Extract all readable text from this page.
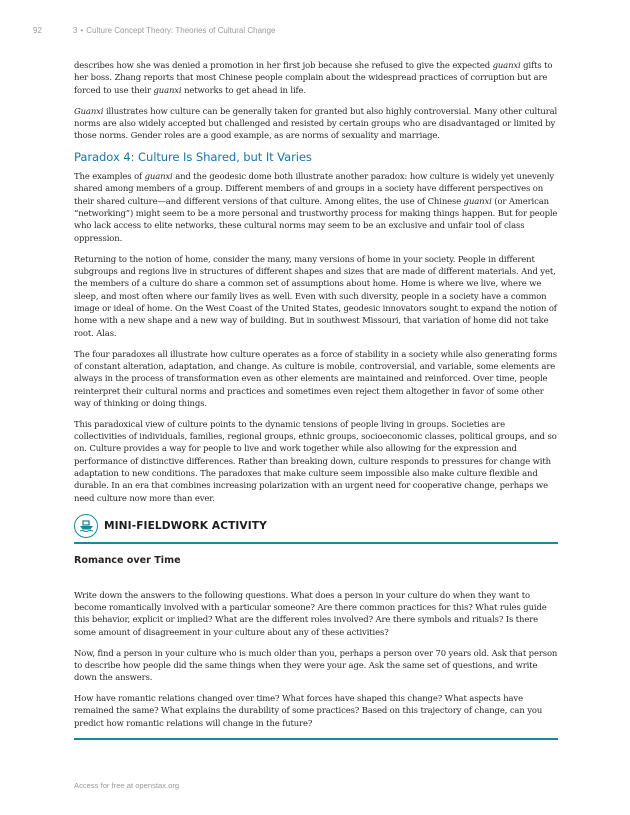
92	3 • Culture Concept Theory: Theories of Cultural Change

describes how she was denied a promotion in her first job because she refused to give the expected guanxi gifts to her boss. Zhang reports that most Chinese people complain about the widespread practices of corruption but are forced to use their guanxi networks to get ahead in life.

Guanxi illustrates how culture can be generally taken for granted but also highly controversial. Many other cultural norms are also widely accepted but challenged and resisted by certain groups who are disadvantaged or limited by those norms. Gender roles are a good example, as are norms of sexuality and marriage.

Paradox 4: Culture Is Shared, but It Varies

The examples of guanxi and the geodesic dome both illustrate another paradox: how culture is widely yet unevenly shared among members of a group. Different members of and groups in a society have different perspectives on their shared culture—and different versions of that culture. Among elites, the use of Chinese guanxi (or American “networking”) might seem to be a more personal and trustworthy process for making things happen. But for people who lack access to elite networks, these cultural norms may seem to be an exclusive and unfair tool of class oppression.

Returning to the notion of home, consider the many, many versions of home in your society. People in different subgroups and regions live in structures of different shapes and sizes that are made of different materials. And yet, the members of a culture do share a common set of assumptions about home. Home is where we live, where we sleep, and most often where our family lives as well. Even with such diversity, people in a society have a common image or ideal of home. On the West Coast of the United States, geodesic innovators sought to expand the notion of home with a new shape and a new way of building. But in southwest Missouri, that variation of home did not take root. Alas.

The four paradoxes all illustrate how culture operates as a force of stability in a society while also generating forms of constant alteration, adaptation, and change. As culture is mobile, controversial, and variable, some elements are always in the process of transformation even as other elements are maintained and reinforced. Over time, people reinterpret their cultural norms and practices and sometimes even reject them altogether in favor of some other way of thinking or doing things.

This paradoxical view of culture points to the dynamic tensions of people living in groups. Societies are collectivities of individuals, families, regional groups, ethnic groups, socioeconomic classes, political groups, and so on. Culture provides a way for people to live and work together while also allowing for the expression and performance of distinctive differences. Rather than breaking down, culture responds to pressures for change with adaptation to new conditions. The paradoxes that make culture seem impossible also make culture flexible and durable. In an era that combines increasing polarization with an urgent need for cooperative change, perhaps we need culture now more than ever.

MINI-FIELDWORK ACTIVITY
Romance over Time

Write down the answers to the following questions. What does a person in your culture do when they want to become romantically involved with a particular someone? Are there common practices for this? What rules guide this behavior, explicit or implied? What are the different roles involved? Are there symbols and rituals? Is there some amount of disagreement in your culture about any of these activities?

Now, find a person in your culture who is much older than you, perhaps a person over 70 years old. Ask that person to describe how people did the same things when they were your age. Ask the same set of questions, and write down the answers.

How have romantic relations changed over time? What forces have shaped this change? What aspects have remained the same? What explains the durability of some practices? Based on this trajectory of change, can you predict how romantic relations will change in the future?

Access for free at openstax.org
